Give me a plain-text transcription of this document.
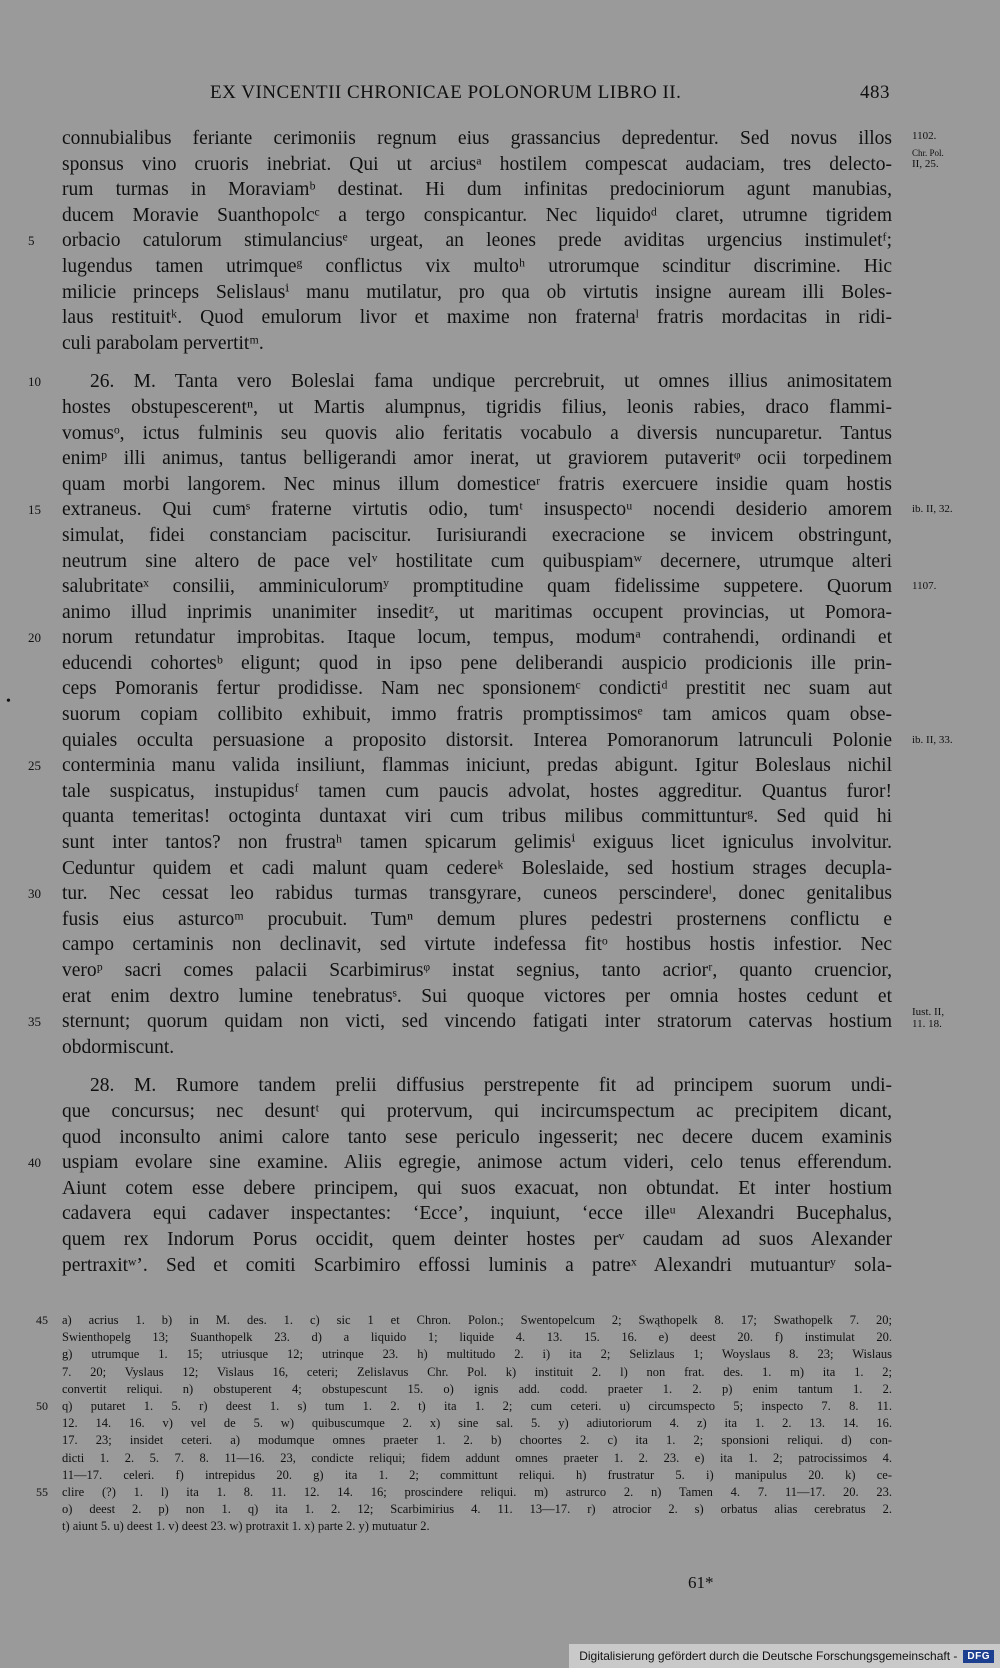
EX VINCENTII CHRONICAE POLONORUM LIBRO II.	483
•
connubialibus feriante cerimoniis regnum eius grassancius depredentur. Sed novus illos
sponsus vino cruoris inebriat. Qui ut arciusᵃ hostilem compescat audaciam, tres delecto-
rum turmas in Moraviamᵇ destinat. Hi dum infinitas predociniorum agunt manubias,
ducem Moravie Suanthopolcᶜ a tergo conspicantur. Nec liquidoᵈ claret, utrumne tigridem
orbacio catulorum stimulanciusᵉ urgeat, an leones prede aviditas urgencius instimuletᶠ;
lugendus tamen utrimqueᵍ conflictus vix multoʰ utrorumque scinditur discrimine. Hic
milicie princeps Selislausⁱ manu mutilatur, pro qua ob virtutis insigne auream illi Boles-
laus restituitᵏ. Quod emulorum livor et maxime non fraternaˡ fratris mordacitas in ridi-
culi parabolam pervertitᵐ.
26. M. Tanta vero Boleslai fama undique percrebruit, ut omnes illius animositatem
hostes obstupescerentⁿ, ut Martis alumpnus, tigridis filius, leonis rabies, draco flammi-
vomusᵒ, ictus fulminis seu quovis alio feritatis vocabulo a diversis nuncuparetur. Tantus
enimᵖ illi animus, tantus belligerandi amor inerat, ut graviorem putaveritᵠ ocii torpedinem
quam morbi langorem. Nec minus illum domesticeʳ fratris exercuere insidie quam hostis
extraneus. Qui cumˢ fraterne virtutis odio, tumᵗ insuspectoᵘ nocendi desiderio amorem
simulat, fidei constanciam paciscitur. Iurisiurandi execracione se invicem obstringunt,
neutrum sine altero de pace velᵛ hostilitate cum quibuspiamʷ decernere, utrumque alteri
salubritateˣ consilii, amminiculorumʸ promptitudine quam fidelissime suppetere. Quorum
animo illud inprimis unanimiter inseditᶻ, ut maritimas occupent provincias, ut Pomora-
norum retundatur improbitas. Itaque locum, tempus, modumᵃ contrahendi, ordinandi et
educendi cohortesᵇ eligunt; quod in ipso pene deliberandi auspicio prodicionis ille prin-
ceps Pomoranis fertur prodidisse. Nam nec sponsionemᶜ condictiᵈ prestitit nec suam aut
suorum copiam collibito exhibuit, immo fratris promptissimosᵉ tam amicos quam obse-
quiales occulta persuasione a proposito distorsit. Interea Pomoranorum latrunculi Polonie
conterminia manu valida insiliunt, flammas iniciunt, predas abigunt. Igitur Boleslaus nichil
tale suspicatus, instupidusᶠ tamen cum paucis advolat, hostes aggreditur. Quantus furor!
quanta temeritas! octoginta duntaxat viri cum tribus milibus committunturᵍ. Sed quid hi
sunt inter tantos? non frustraʰ tamen spicarum gelimisⁱ exiguus licet igniculus involvitur.
Ceduntur quidem et cadi malunt quam cedereᵏ Boleslaide, sed hostium strages decupla-
tur. Nec cessat leo rabidus turmas transgyrare, cuneos perscindereˡ, donec genitalibus
fusis eius asturcoᵐ procubuit. Tumⁿ demum plures pedestri prosternens conflictu e
campo certaminis non declinavit, sed virtute indefessa fitᵒ hostibus hostis infestior. Nec
veroᵖ sacri comes palacii Scarbimirusᵠ instat segnius, tanto acriorʳ, quanto cruencior,
erat enim dextro lumine tenebratusˢ. Sui quoque victores per omnia hostes cedunt et
sternunt; quorum quidam non victi, sed vincendo fatigati inter stratorum catervas hostium
obdormiscunt.
28. M. Rumore tandem prelii diffusius perstrepente fit ad principem suorum undi-
que concursus; nec desuntᵗ qui protervum, qui incircumspectum ac precipitem dicant,
quod inconsulto animi calore tanto sese periculo ingesserit; nec decere ducem examinis
uspiam evolare sine examine. Aliis egregie, animose actum videri, celo tenus efferendum.
Aiunt cotem esse debere principem, qui suos exacuat, non obtundat. Et inter hostium
cadavera equi cadaver inspectantes: ‘Ecce’, inquiunt, ‘ecce illeᵘ Alexandri Bucephalus,
quem rex Indorum Porus occidit, quem deinter hostes perᵛ caudam ad suos Alexander
pertraxitʷ’. Sed et comiti Scarbimiro effossi luminis a patreˣ Alexandri mutuanturʸ sola-
5
10
15
20
25
30
35
40
1102.
Chr. Pol.
II, 25.
ib. II, 32.
1107.
ib. II, 33.
Iust. II,
11. 18.
a) acrius 1. b) in M. des. 1. c) sic 1 et Chron. Polon.; Swentopelcum 2; Swąthopelk 8. 17; Swathopelk 7. 20;
Swienthopelg 13; Suanthopelk 23. d) a liquido 1; liquide 4. 13. 15. 16. e) deest 20. f) instimulat 20.
g) utrumque 1. 15; utriusque 12; utrinque 23. h) multitudo 2. i) ita 2; Selizlaus 1; Woyslaus 8. 23; Wislaus
7. 20; Vyslaus 12; Vislaus 16, ceteri; Zelislavus Chr. Pol. k) instituit 2. l) non frat. des. 1. m) ita 1. 2;
convertit reliqui. n) obstuperent 4; obstupescunt 15. o) ignis add. codd. praeter 1. 2. p) enim tantum 1. 2.
q) putaret 1. 5. r) deest 1. s) tum 1. 2. t) ita 1. 2; cum ceteri. u) circumspecto 5; inspecto 7. 8. 11.
12. 14. 16. v) vel de 5. w) quibuscumque 2. x) sine sal. 5. y) adiutoriorum 4. z) ita 1. 2. 13. 14. 16.
17. 23; insidet ceteri. a) modumque omnes praeter 1. 2. b) choortes 2. c) ita 1. 2; sponsioni reliqui. d) con-
dicti 1. 2. 5. 7. 8. 11—16. 23, condicte reliqui; fidem addunt omnes praeter 1. 2. 23. e) ita 1. 2; patrocissimos 4.
11—17. celeri. f) intrepidus 20. g) ita 1. 2; committunt reliqui. h) frustratur 5. i) manipulus 20. k) ce-
clire (?) 1. l) ita 1. 8. 11. 12. 14. 16; proscindere reliqui. m) astrurco 2. n) Tamen 4. 7. 11—17. 20. 23.
o) deest 2. p) non 1. q) ita 1. 2. 12; Scarbimirius 4. 11. 13—17. r) atrocior 2. s) orbatus alias cerebratus 2.
t) aiunt 5. u) deest 1. v) deest 23. w) protraxit 1. x) parte 2. y) mutuatur 2.
45
50
55
61*
Digitalisierung gefördert durch die Deutsche Forschungsgemeinschaft -	DFG
